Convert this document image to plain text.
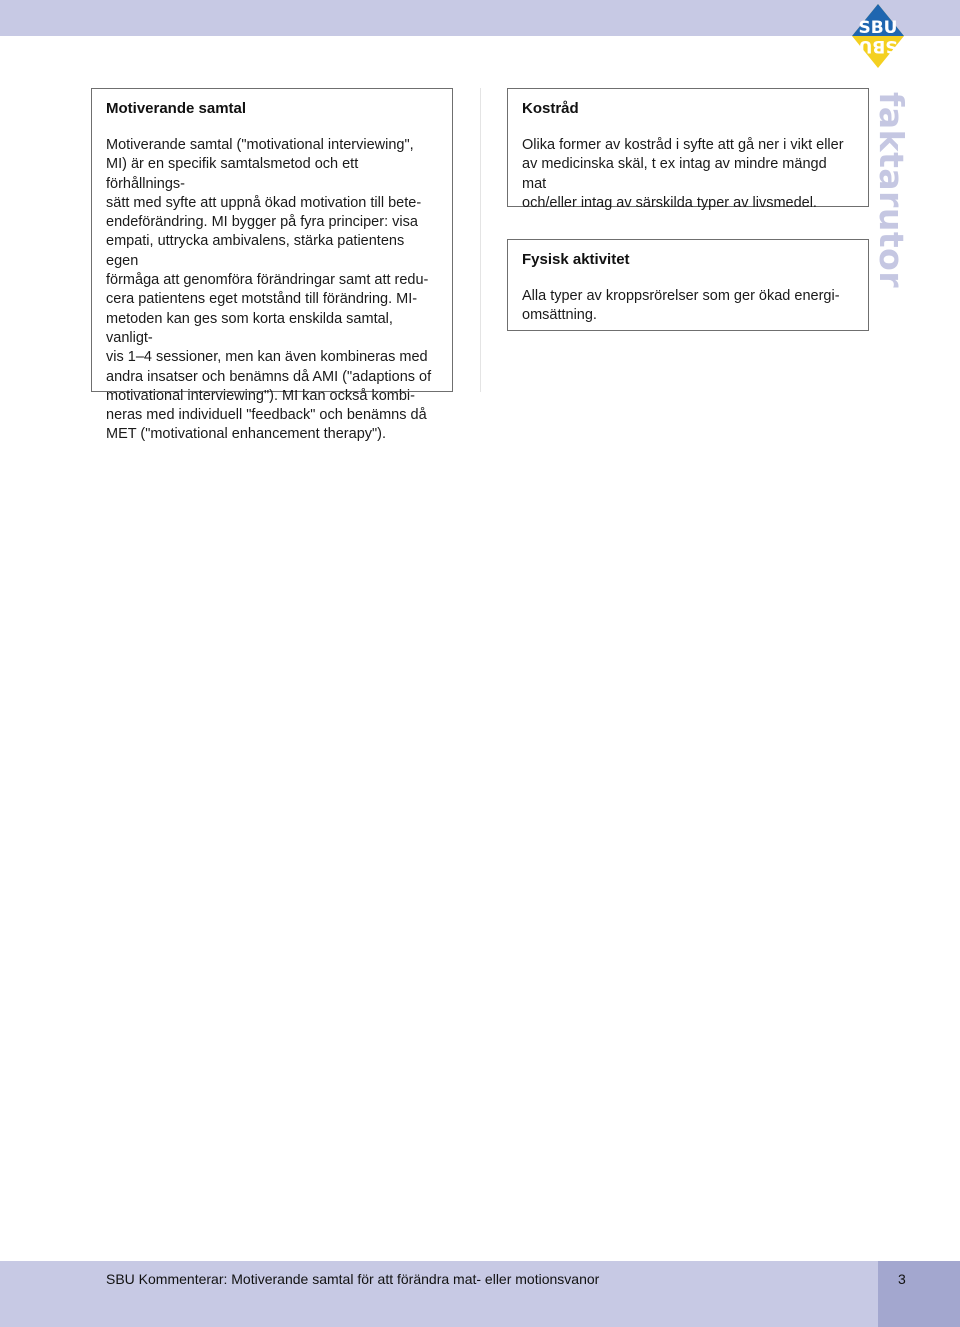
SBU
SBU
Motiverande samtal

Motiverande samtal ("motivational interviewing",
MI) är en specifik samtalsmetod och ett förhållnings-
sätt med syfte att uppnå ökad motivation till bete-
endeförändring. MI bygger på fyra principer: visa
empati, uttrycka ambivalens, stärka patientens egen
förmåga att genomföra förändringar samt att redu-
cera patientens eget motstånd till förändring. MI-
metoden kan ges som korta enskilda samtal, vanligt-
vis 1–4 sessioner, men kan även kombineras med
andra insatser och benämns då AMI ("adaptions of
motivational interviewing"). MI kan också kombi-
neras med individuell "feedback" och benämns då
MET ("motivational enhancement therapy").

Kostråd

Olika former av kostråd i syfte att gå ner i vikt eller
av medicinska skäl, t ex intag av mindre mängd mat
och/eller intag av särskilda typer av livsmedel.

Fysisk aktivitet

Alla typer av kroppsrörelser som ger ökad energi-
omsättning.

faktarutor
SBU Kommenterar: Motiverande samtal för att förändra mat- eller motionsvanor	3
